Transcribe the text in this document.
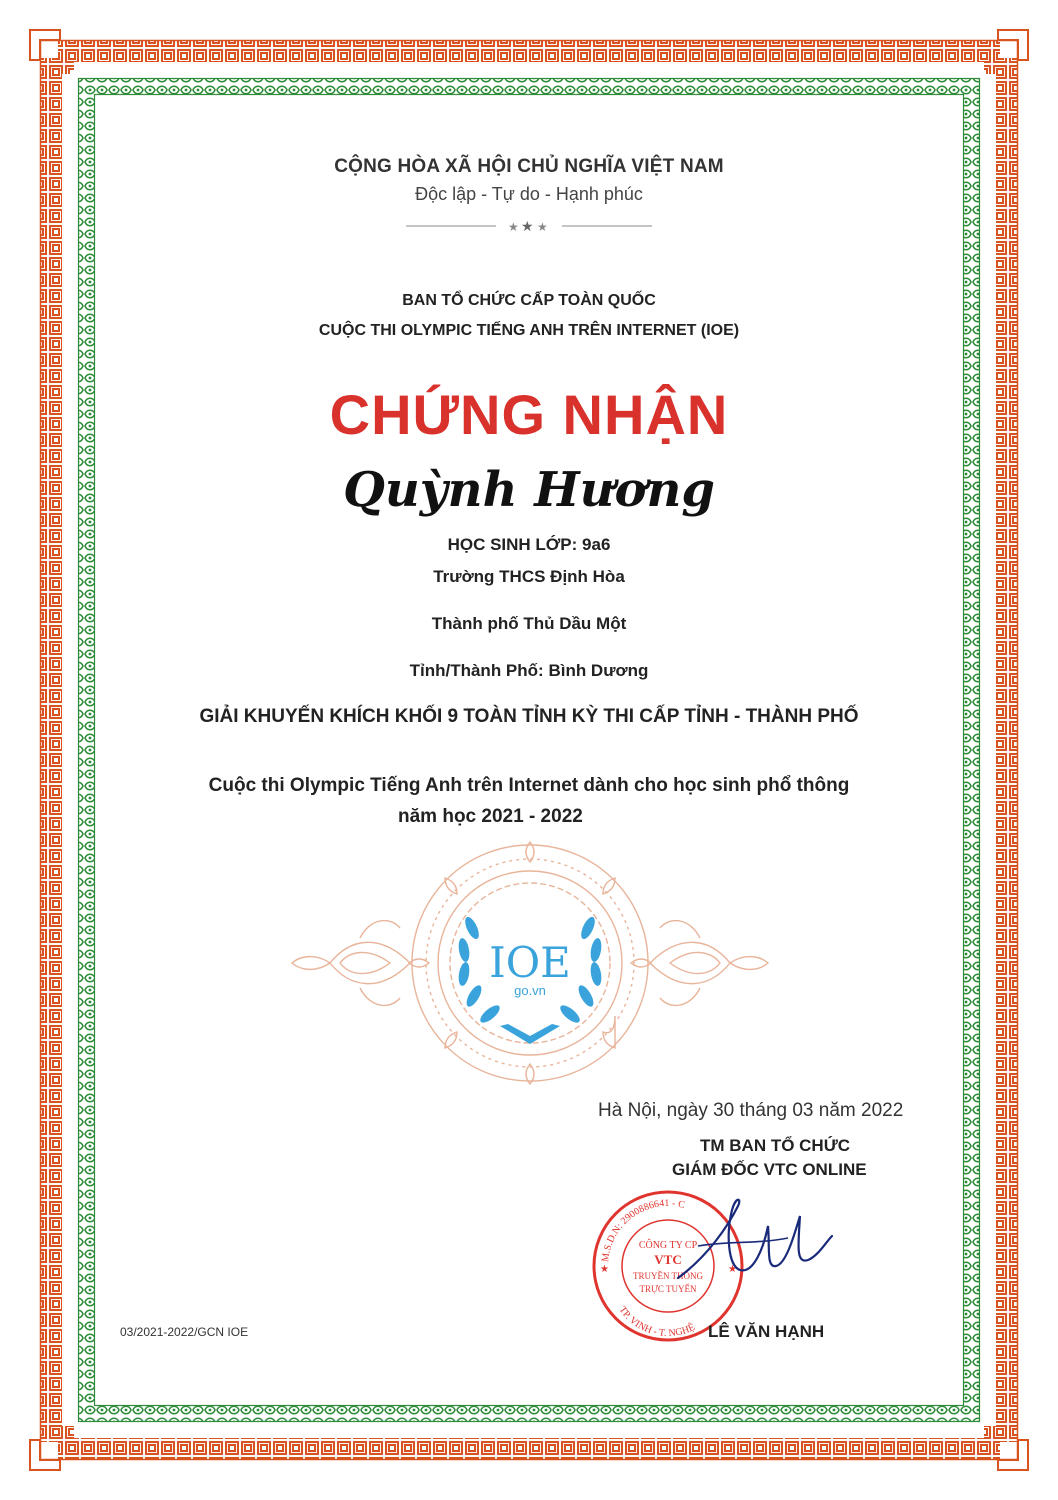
CỘNG HÒA XÃ HỘI CHỦ NGHĨA VIỆT NAM
Độc lập - Tự do - Hạnh phúc
★ ★ ★
BAN TỔ CHỨC CẤP TOÀN QUỐC
CUỘC THI OLYMPIC TIẾNG ANH TRÊN INTERNET (IOE)
CHỨNG NHẬN
Quỳnh Hương
HỌC SINH LỚP: 9a6
Trường THCS Định Hòa
Thành phố Thủ Dầu Một
Tỉnh/Thành Phố: Bình Dương
GIẢI KHUYẾN KHÍCH KHỐI 9 TOÀN TỈNH KỲ THI CẤP TỈNH - THÀNH PHỐ
Cuộc thi Olympic Tiếng Anh trên Internet dành cho học sinh phổ thông
năm học 2021 - 2022
IOE
go.vn
Hà Nội, ngày 30 tháng 03 năm 2022
TM BAN TỔ CHỨC
GIÁM ĐỐC VTC ONLINE
M.S.D.N: 2900886641 - C
TP. VINH - T. NGHỆ
CÔNG TY CP
VTC
TRUYỀN THÔNG
TRỰC TUYẾN
★	★
LÊ VĂN HẠNH
03/2021-2022/GCN IOE
